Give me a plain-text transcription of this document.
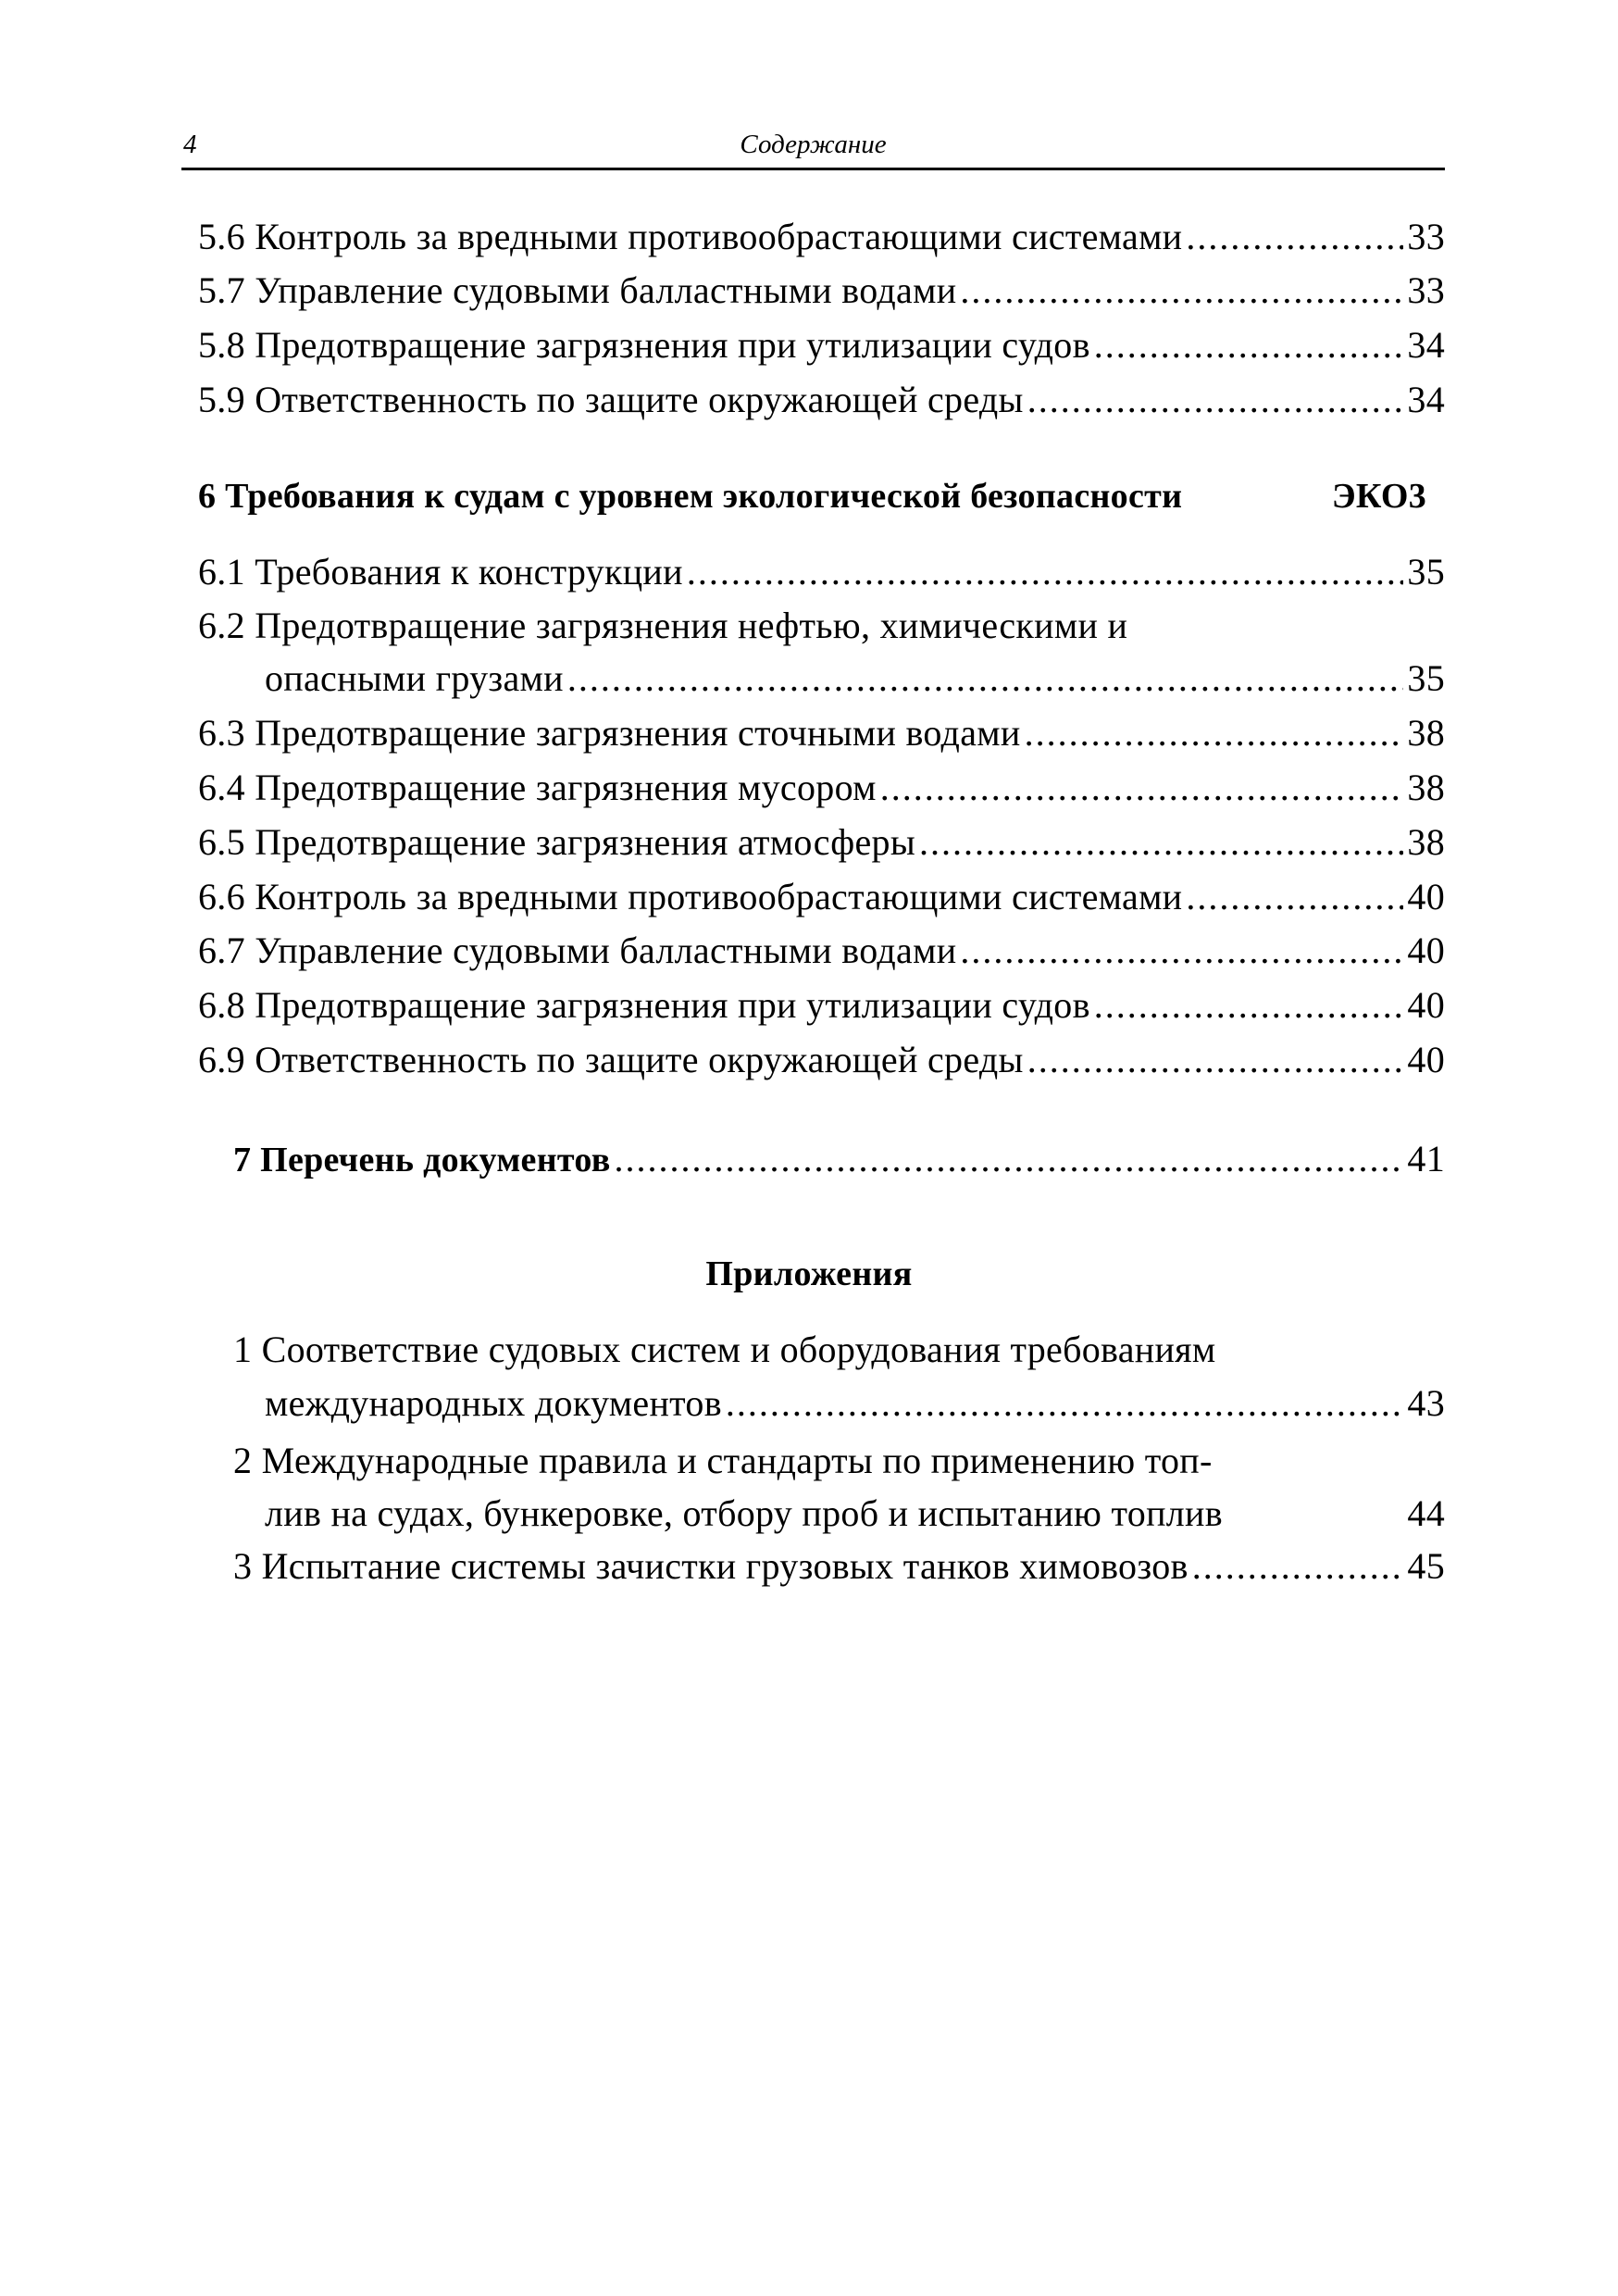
4	Содержание
5.6 Контроль за вредными противообрастающими системами .....	33
5.7 Управление судовыми балластными водами .....	33
5.8 Предотвращение загрязнения при утилизации судов .....	34
5.9 Ответственность по защите окружающей среды .....	34
6 Требования к судам с уровнем экологической безопасности	ЭКО3
6.1 Требования к конструкции .....	35
6.2 Предотвращение загрязнения нефтью, химическими и
опасными грузами .....	35
6.3 Предотвращение загрязнения сточными водами .....	38
6.4 Предотвращение загрязнения мусором .....	38
6.5 Предотвращение загрязнения атмосферы .....	38
6.6 Контроль за вредными противообрастающими системами .....	40
6.7 Управление судовыми балластными водами .....	40
6.8 Предотвращение загрязнения при утилизации судов .....	40
6.9 Ответственность по защите окружающей среды .....	40
7 Перечень документов .....	41
Приложения
1 Соответствие судовых систем и оборудования требованиям
международных документов .....	43
2 Международные правила и стандарты по применению топ-
лив на судах, бункеровке, отбору проб и испытанию топлив	44
3 Испытание системы зачистки грузовых танков химовозов .....	45
